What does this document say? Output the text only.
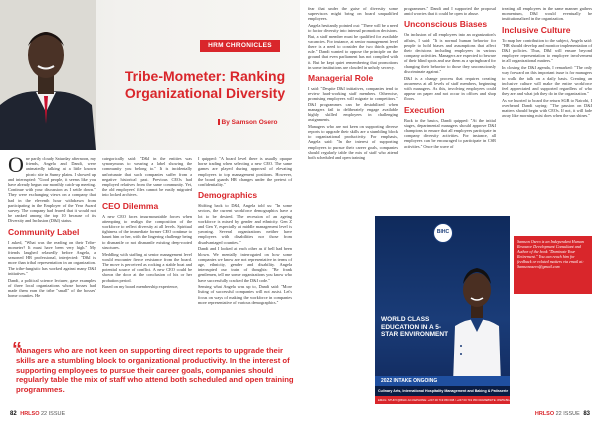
HRM CHRONICLES
Tribe-Mometer: Ranking Organizational Diversity
By Samson Osero

One partly cloudy Saturday afternoon, my friends, Angela and Dandi, were animatedly talking at a little known picnic site in Sunny plains. I showed up and interrupted: "Good people, it seems like you have already begun our monthly catch-up meeting. Continue with your discussion as I settle down." They were exchanging views on a company that had in the eleventh hour withdrawn from participating in the Employer of the Year Award survey. The company had feared that it would not be ranked among the top 10 because of its Diversity and Inclusion (D&I) status.

Community Label

I asked, "What was the reading on their Tribe-mometer? It must have been very high." My friends laughed relaxedly before Angela, a seasoned HR professional, interjected: "D&I is more than tribal representation in an organization. The tribe-fungistic has worked against many D&I initiatives."

Dandi, a political science lecturer, gave examples of three local organizations whose bosses had made them earn the tribe "small" of the bosses' home counties. He

categorically said: "D&I in the entities was synonymous to wearing a label showing the community you belong to." It is incidentally unfortunate that such companies suffer from a negative historical past. Previous CEOs had employed relatives from the same community. Yet, the old employees' files cannot be easily migrated into locked archives.

CEO Dilemma

A new CEO faces insurmountable forces when attempting to realign the composition of the workforce to reflect diversity at all levels. Spiritual tightness of the immediate former CEO continue to haunt him or her, with the lingering challenge being to dismantle or not dismantle existing deep-rooted structures.

Meddling with staffing at senior management level would encounter fierce resistance from the board. The move is perceived as rocking a stable boat and potential source of conflict. A new CEO could be shown the door at the conclusion of his or her probation period.

Based on my board membership experience,

I quipped: "A board level there is usually opaque horse trading when selecting a new CEO. The same games are played during approval of elevating employees to top management positions. However, the board guards HR changes under the pretext of confidentiality."

Demographics

Shifting back to D&I, Angela told us: "In some sectors, the current workforce demographics have a lot to be desired. The recession of an ageing workforce is mixed by gender and ethnicity. Gen Z and Gen Y, especially at middle management level is yawning. Several organizations neither have employees with disabilities nor those from disadvantaged counties."

Dandi and I looked at each other as if bell had been blown. We mentally interrogated on how some companies we know are not representative in terms of age, ethnicity, gender and disability. Angela interrupted our train of thoughts: "Be frank gentlemen, tell me some organizations you know who have successfully cracked the D&I code."

Sensing what Angela was up to, Dandi said: "More listing of successful companies will not assist. Let's focus on ways of making the workforce in companies more representative of various demographics."

“
Managers who are not keen on supporting direct reports to upgrade their skills are a stumbling block to organizational productivity. In the interest of supporting employees to pursue their career goals, companies should regularly table the mix of staff who attend both scheduled and open training programmes.
82 HRLSO 22 ISSUE

fear that under the guise of diversity some supervisors might bring on board unqualified employees.

Angela hesitantly pointed out: "There will be a need to factor diversity into internal promotion decisions. But, a staff member must be qualified for available vacancies. For instance, at senior management level there is a need to consider the two thirds gender rule." Dandi wanted to oppose the principle on the ground that even parliament has not complied with it. But he kept quiet remembering that promotions in some institutions are clouded in unholy secrecy.

Managerial Role

I said: "Despite D&I initiatives, companies tend to review hard-working staff members. Otherwise, promising employees will migrate to competitors." D&I programmes can be destabilized when managers fail to deliberately engage available highly skilled employees in challenging assignments.

Managers who are not keen on supporting diverse reports to upgrade their skills are a stumbling block to organizational productivity. For emphasis, Angela said: "In the interest of supporting employees to pursue their career goals, companies should regularly table the mix of staff who attend both scheduled and open training

programmes." Dandi and I supported the proposal amid worries that it could be open to abuse.

Unconscious Biases

On inclusion of all employees into an organization's affairs, I said: "It is normal human behavior for people to hold biases and assumptions that affect their decisions including employees in various company activities. Managers are expected to beware of their blind spots and use them as a springboard for changing their behavior to those they unconsciously discriminate against."

D&I is a change process that requires creating awareness at all levels of staff members, beginning with managers. As this, involving employees could appear on paper and not occur in offices and shop floors.

Execution

Back to the basics, Dandi quipped: "At the initial stages, departmental managers should approve D&I champions to ensure that all employees participate in company diversity activities. For instance, all employees can be encouraged to participate in CSR activities." Once the wave of

treating all employees in the same manner gathers momentum, D&I would eventually be institutionalized in the organization.

Inclusive Culture

To map her contribution to the subject, Angela said: "HR should develop and monitor implementation of D&I policies. Thus, D&I will ensure beyond employee representation to employee involvement in all organizational matters."

In closing the D&I agenda, I remarked: "The only way forward on this important issue is for managers to walk the talk on a daily basis. Creating an inclusive culture will make the entire workforce feel appreciated and supported regardless of who they are and what job they do in the organization."

As we hurried to board the return SGR to Nairobi, I overheard Dandi saying: "The passion on D&I matters should begin with CEOs. If not, it will fade away like morning mist does when the sun shines."

Samson Osero is an Independent Human Resource Development Consultant and Author of the book "Dominate Your Retirement." You can reach him for feedback or related matters via email at: Samsonosero@gmail.com

BIHC
WORLD CLASS EDUCATION IN A 5-STAR ENVIRONMENT
2022 INTAKE ONGOING
Culinary Arts, International Hospitality Management and Baking & Patisserie
EMAIL: STUDY@BIHC.AC.KE PHONE: +247 00 719 050 008 / +247 00 719 050 040 WEBSITE: WWW.BIHC.AC.KE
HRLSO 22 ISSUE 83
